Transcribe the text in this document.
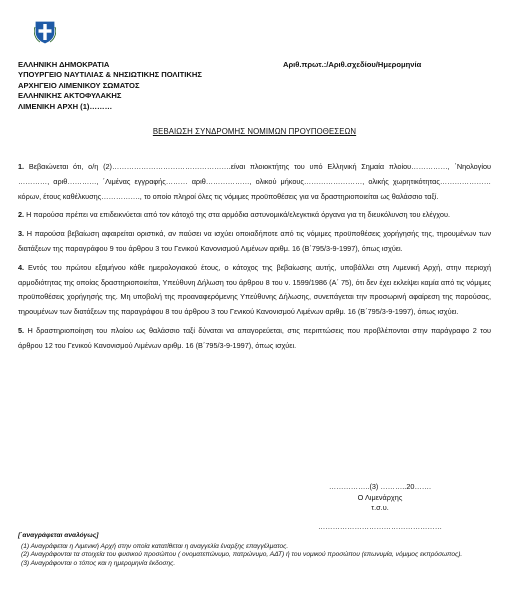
ΕΛΛΗΝΙΚΗ ΔΗΜΟΚΡΑΤΙΑ
ΥΠΟΥΡΓΕΙΟ ΝΑΥΤΙΛΙΑΣ & ΝΗΣΙΩΤΙΚΗΣ ΠΟΛΙΤΙΚΗΣ
ΑΡΧΗΓΕΙΟ ΛΙΜΕΝΙΚΟΥ ΣΩΜΑΤΟΣ
ΕΛΛΗΝΙΚΗΣ ΑΚΤΟΦΥΛΑΚΗΣ
ΛΙΜΕΝΙΚΗ ΑΡΧΗ (1)………
Αριθ.πρωτ.:/Αριθ.σχεδίου/Ημερομηνία
ΒΕΒΑΙΩΣΗ ΣΥΝΔΡΟΜΗΣ ΝΟΜΙΜΩΝ ΠΡΟΥΠΟΘΕΣΕΩΝ

1. Βεβαιώνεται ότι, ο/η (2)………………………………………….είναι πλοιοκτήτης του υπό Ελληνική Σημαία πλοίου……………, ΄Νηολογίου …………, αριθ…………, ΄Λιμένας εγγραφής……… αριθ………………, ολικού μήκους……………………, ολικής χωρητικότητας………………… κόρων, έτους καθέλκυσης……………., το οποίο πληροί όλες τις νόμιμες προϋποθέσεις για να δραστηριοποιείται ως θαλάσσιο ταξί.

2. Η παρούσα πρέπει να επιδεικνύεται από τον κάτοχό της στα αρμόδια αστυνομικά/ελεγκτικά όργανα για τη διευκόλυνση του ελέγχου.

3. Η παρούσα βεβαίωση αφαιρείται οριστικά, αν παύσει να ισχύει οποιαδήποτε από τις νόμιμες προϋποθέσεις χορήγησής της, τηρουμένων των διατάξεων της παραγράφου 9 του άρθρου 3 του Γενικού Κανονισμού Λιμένων αριθμ. 16 (Β΄795/3-9-1997), όπως ισχύει.

4. Εντός του πρώτου εξαμήνου κάθε ημερολογιακού έτους, ο κάτοχος της βεβαίωσης αυτής, υποβάλλει στη Λιμενική Αρχή, στην περιοχή αρμοδιότητας της οποίας δραστηριοποιείται, Υπεύθυνη Δήλωση του άρθρου 8 του ν. 1599/1986 (Α΄ 75), ότι δεν έχει εκλείψει καμία από τις νόμιμες προϋποθέσεις χορήγησής της. Μη υποβολή της προαναφερόμενης Υπεύθυνης Δήλωσης, συνεπάγεται την προσωρινή αφαίρεση της παρούσας, τηρουμένων των διατάξεων της παραγράφου 8 του άρθρου 3 του Γενικού Κανονισμού Λιμένων αριθμ. 16 (Β΄795/3-9-1997), όπως ισχύει.

5. Η δραστηριοποίηση του πλοίου ως θαλάσσιο ταξί δύναται να απαγορεύεται, στις περιπτώσεις που προβλέπονται στην παράγραφο 2 του άρθρου 12 του Γενικού Κανονισμού Λιμένων αριθμ. 16 (Β΄795/3-9-1997), όπως ισχύει.

……………..(3) ………..20…….
Ο Λιμενάρχης
τ.σ.υ.
……………………………………………
[΄αναγράφεται αναλόγως]
(1) Αναγράφεται η Λιμενική Αρχή στην οποία κατατίθεται η αναγγελία έναρξης επαγγέλματος.
(2) Αναγράφονται τα στοιχεία του φυσικού προσώπου ( ονοματεπώνυμο, πατρώνυμο, ΑΔΤ) ή του νομικού προσώπου (επωνυμία, νόμιμος εκπρόσωπος).
(3) Αναγράφονται ο τόπος και η ημερομηνία έκδοσης.
